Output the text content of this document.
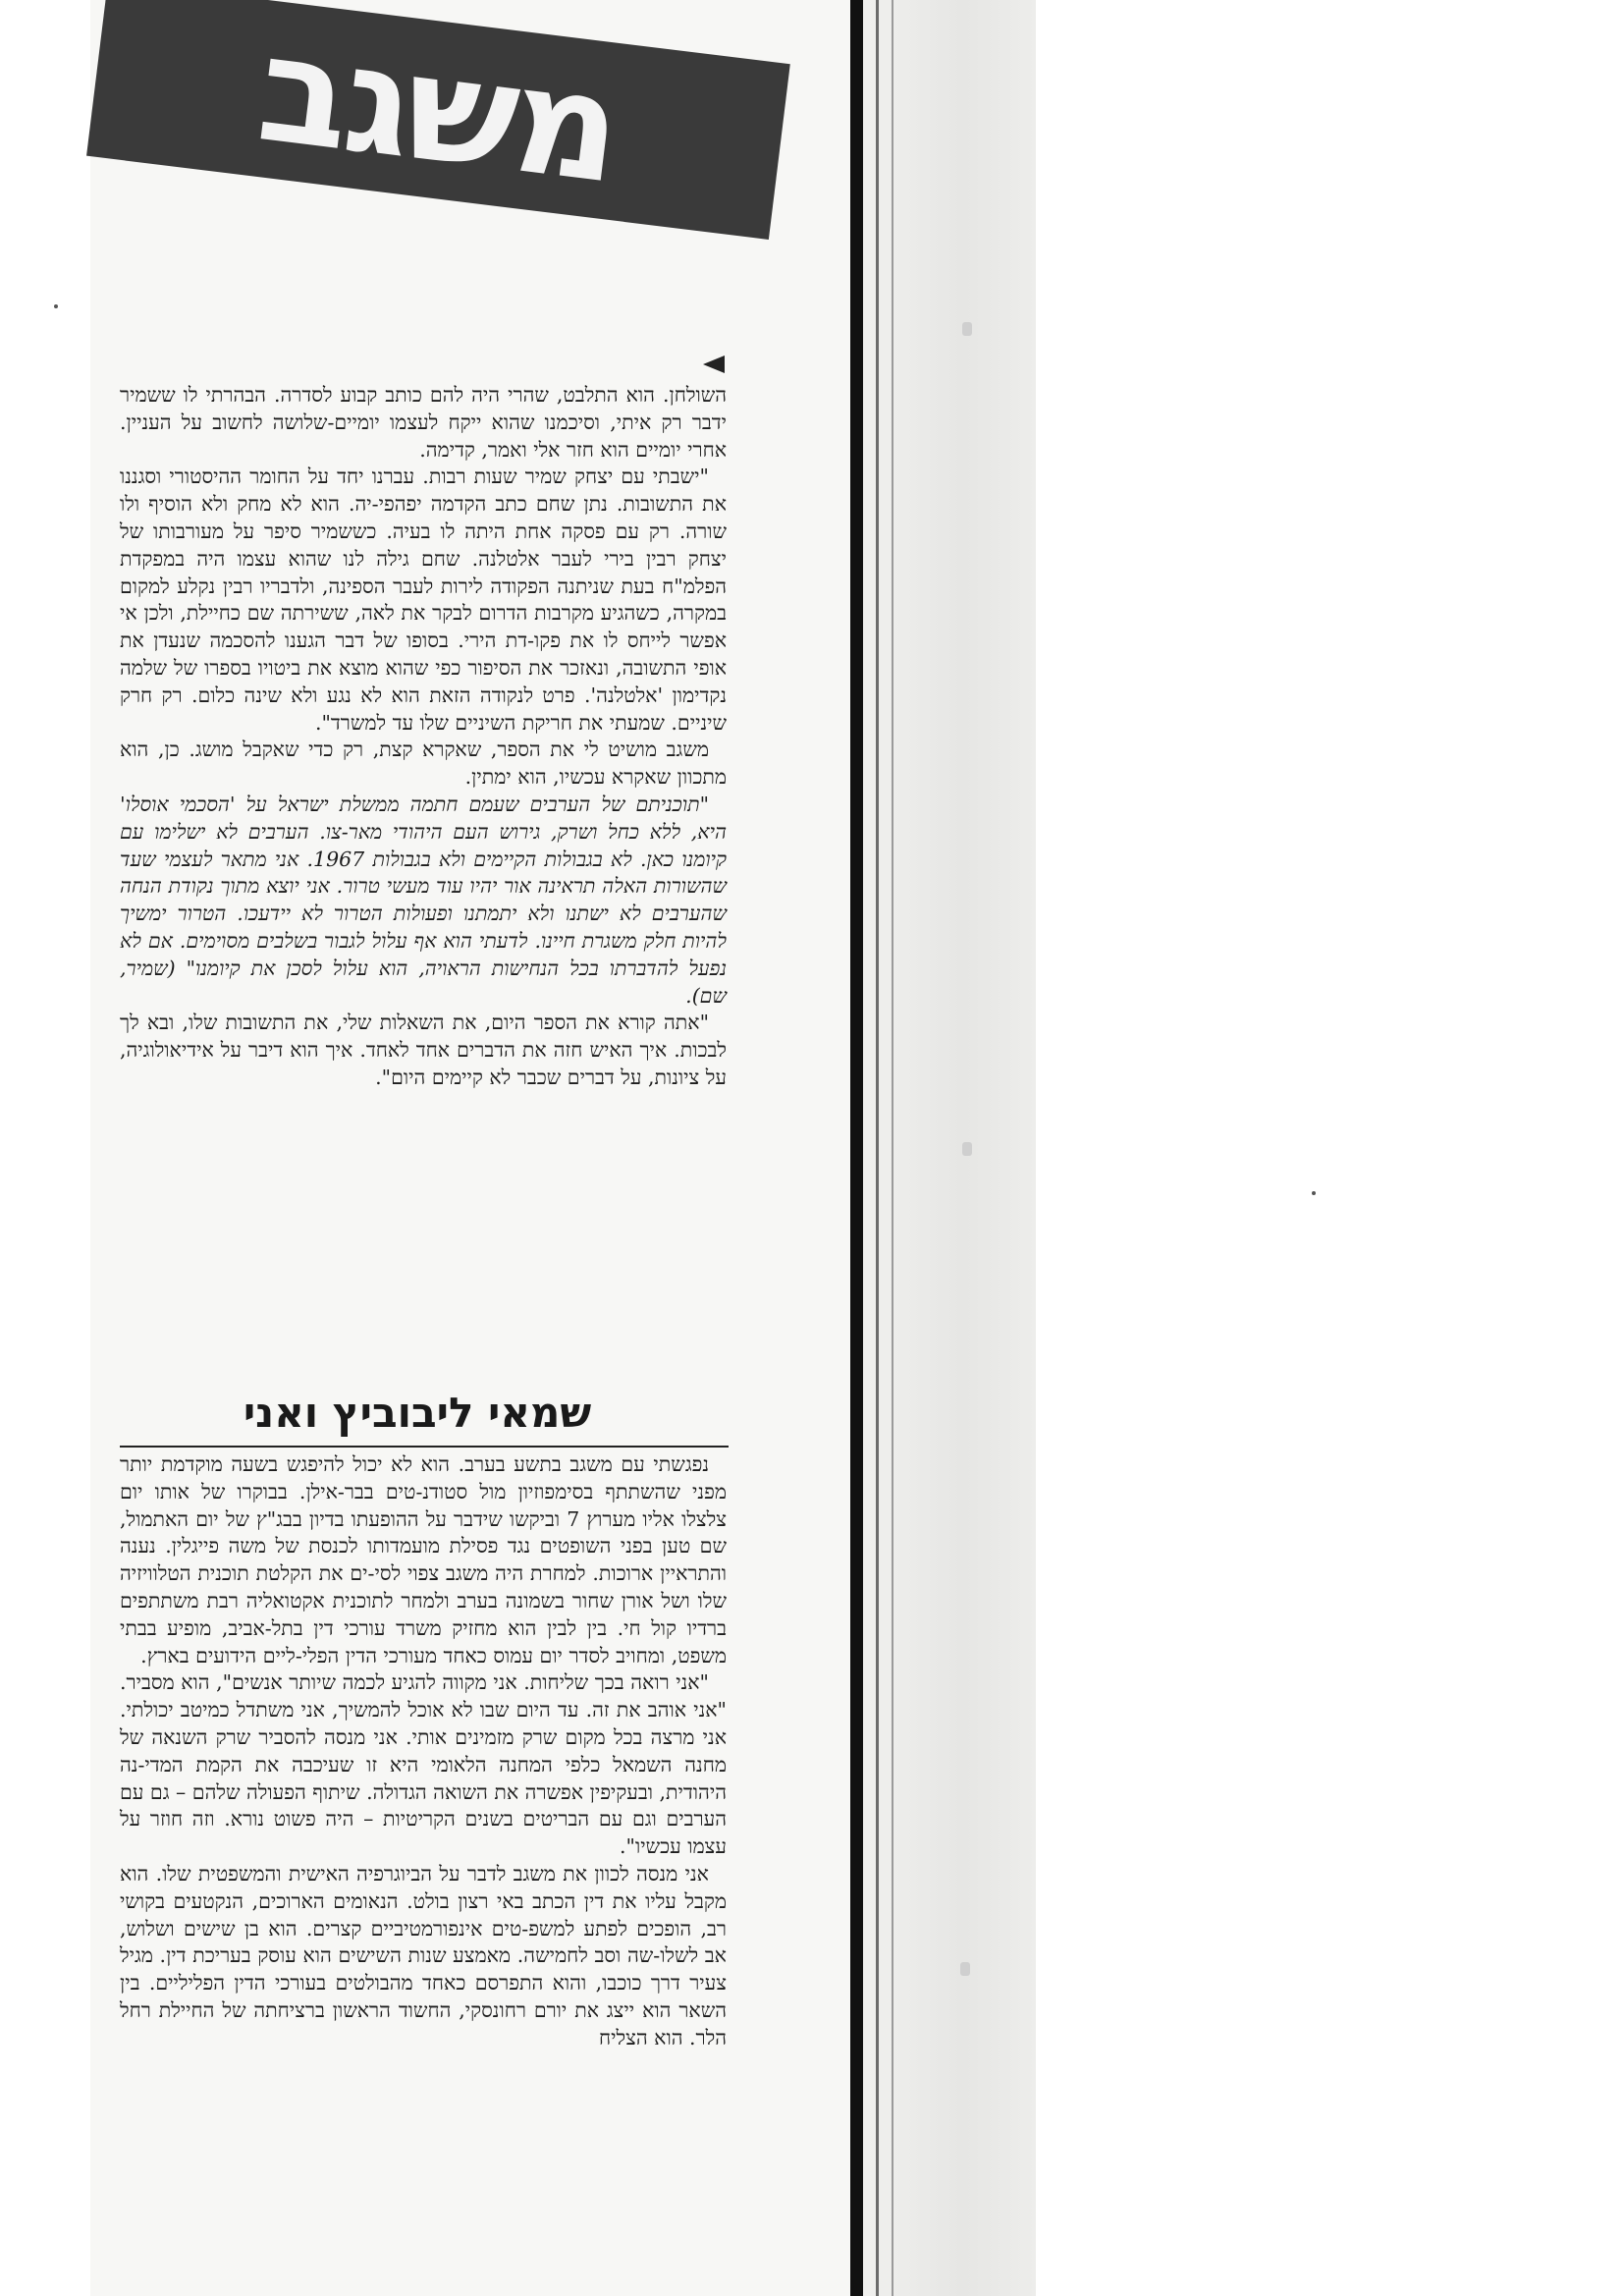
משגב

השולחן. הוא התלבט, שהרי היה להם כותב קבוע לסדרה. הבהרתי לו ששמיר ידבר רק איתי, וסיכמנו שהוא ייקח לעצמו יומיים-שלושה לחשוב על העניין. אחרי יומיים הוא חזר אלי ואמר, קדימה.

"ישבתי עם יצחק שמיר שעות רבות. עברנו יחד על החומר ההיסטורי וסגננו את התשובות. נתן שחם כתב הקדמה יפהפי-יה. הוא לא מחק ולא הוסיף ולו שורה. רק עם פסקה אחת היתה לו בעיה. כששמיר סיפר על מעורבותו של יצחק רבין בירי לעבר אלטלנה. שחם גילה לנו שהוא עצמו היה במפקדת הפלמ"ח בעת שניתנה הפקודה לירות לעבר הספינה, ולדבריו רבין נקלע למקום במקרה, כשהגיע מקרבות הדרום לבקר את לאה, ששירתה שם כחיילת, ולכן אי אפשר לייחס לו את פקו-דת הירי. בסופו של דבר הגענו להסכמה שנעדן את אופי התשובה, ונאזכר את הסיפור כפי שהוא מוצא את ביטויו בספרו של שלמה נקדימון 'אלטלנה'. פרט לנקודה הזאת הוא לא נגע ולא שינה כלום. רק חרק שיניים. שמעתי את חריקת השיניים שלו עד למשרד".

משגב מושיט לי את הספר, שאקרא קצת, רק כדי שאקבל מושג. כן, הוא מתכוון שאקרא עכשיו, הוא ימתין.

"תוכניתם של הערבים שעמם חתמה ממשלת ישראל על 'הסכמי אוסלו' היא, ללא כחל ושרק, גירוש העם היהודי מאר-צו. הערבים לא ישלימו עם קיומנו כאן. לא בגבולות הקיימים ולא בגבולות 1967. אני מתאר לעצמי שעד שהשורות האלה תראינה אור יהיו עוד מעשי טרור. אני יוצא מתוך נקודת הנחה שהערבים לא ישתנו ולא יתמתנו ופעולות הטרור לא יידעכו. הטרור ימשיך להיות חלק משגרת חיינו. לדעתי הוא אף עלול לגבור בשלבים מסוימים. אם לא נפעל להדברתו בכל הנחישות הראויה, הוא עלול לסכן את קיומנו" (שמיר, שם).

"אתה קורא את הספר היום, את השאלות שלי, את התשובות שלו, ובא לך לבכות. איך האיש חזה את הדברים אחד לאחד. איך הוא דיבר על אידיאולוגיה, על ציונות, על דברים שכבר לא קיימים היום".

שמאי ליבוביץ ואני

נפגשתי עם משגב בתשע בערב. הוא לא יכול להיפגש בשעה מוקדמת יותר מפני שהשתתף בסימפוזיון מול סטודנ-טים בבר-אילן. בבוקרו של אותו יום צלצלו אליו מערוץ 7 וביקשו שידבר על ההופעתו בדיון בבג"ץ של יום האתמול, שם טען בפני השופטים נגד פסילת מועמדותו לכנסת של משה פייגלין. נענה והתראיין ארוכות. למחרת היה משגב צפוי לסי-ים את הקלטת תוכנית הטלוויזיה שלו ושל אורן שחור בשמונה בערב ולמחר לתוכנית אקטואליה רבת משתתפים ברדיו קול חי. בין לבין הוא מחזיק משרד עורכי דין בתל-אביב, מופיע בבתי משפט, ומחויב לסדר יום עמוס כאחד מעורכי הדין הפלי-ליים הידועים בארץ.

"אני רואה בכך שליחות. אני מקווה להגיע לכמה שיותר אנשים", הוא מסביר. "אני אוהב את זה. עד היום שבו לא אוכל להמשיך, אני משתדל כמיטב יכולתי. אני מרצה בכל מקום שרק מזמינים אותי. אני מנסה להסביר שרק השנאה של מחנה השמאל כלפי המחנה הלאומי היא זו שעיכבה את הקמת המדי-נה היהודית, ובעקיפין אפשרה את השואה הגדולה. שיתוף הפעולה שלהם – גם עם הערבים וגם עם הבריטים בשנים הקריטיות – היה פשוט נורא. וזה חוזר על עצמו עכשיו".

אני מנסה לכוון את משגב לדבר על הביוגרפיה האישית והמשפטית שלו. הוא מקבל עליו את דין הכתב באי רצון בולט. הנאומים הארוכים, הנקטעים בקושי רב, הופכים לפתע למשפ-טים אינפורמטיביים קצרים. הוא בן שישים ושלוש, אב לשלו-שה וסב לחמישה. מאמצע שנות השישים הוא עוסק בעריכת דין. מגיל צעיר דרך כוכבו, והוא התפרסם כאחד מהבולטים בעורכי הדין הפליליים. בין השאר הוא ייצג את יורם רחונסקי, החשוד הראשון ברציחתה של החיילת רחל הלר. הוא הצליח
